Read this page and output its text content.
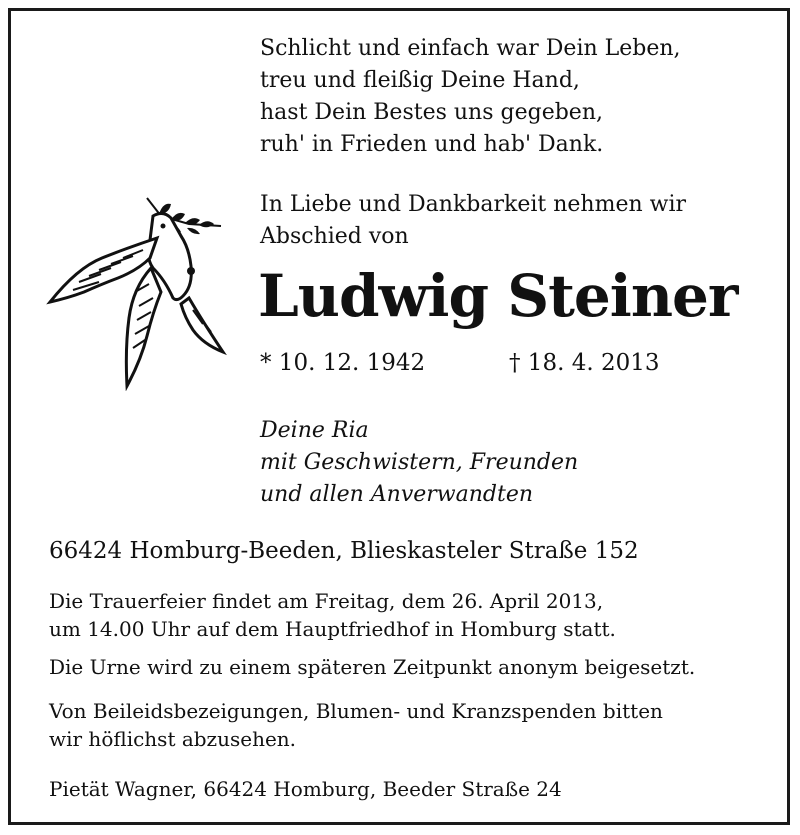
Schlicht und einfach war Dein Leben,
treu und fleißig Deine Hand,
hast Dein Bestes uns gegeben,
ruh' in Frieden und hab' Dank.
In Liebe und Dankbarkeit nehmen wir
Abschied von
Ludwig Steiner
* 10. 12. 1942	† 18. 4. 2013
Deine Ria
mit Geschwistern, Freunden
und allen Anverwandten
66424 Homburg-Beeden, Blieskasteler Straße 152
Die Trauerfeier findet am Freitag, dem 26. April 2013,
um 14.00 Uhr auf dem Hauptfriedhof in Homburg statt.
Die Urne wird zu einem späteren Zeitpunkt anonym beigesetzt.
Von Beileidsbezeigungen, Blumen- und Kranzspenden bitten
wir höflichst abzusehen.
Pietät Wagner, 66424 Homburg, Beeder Straße 24
